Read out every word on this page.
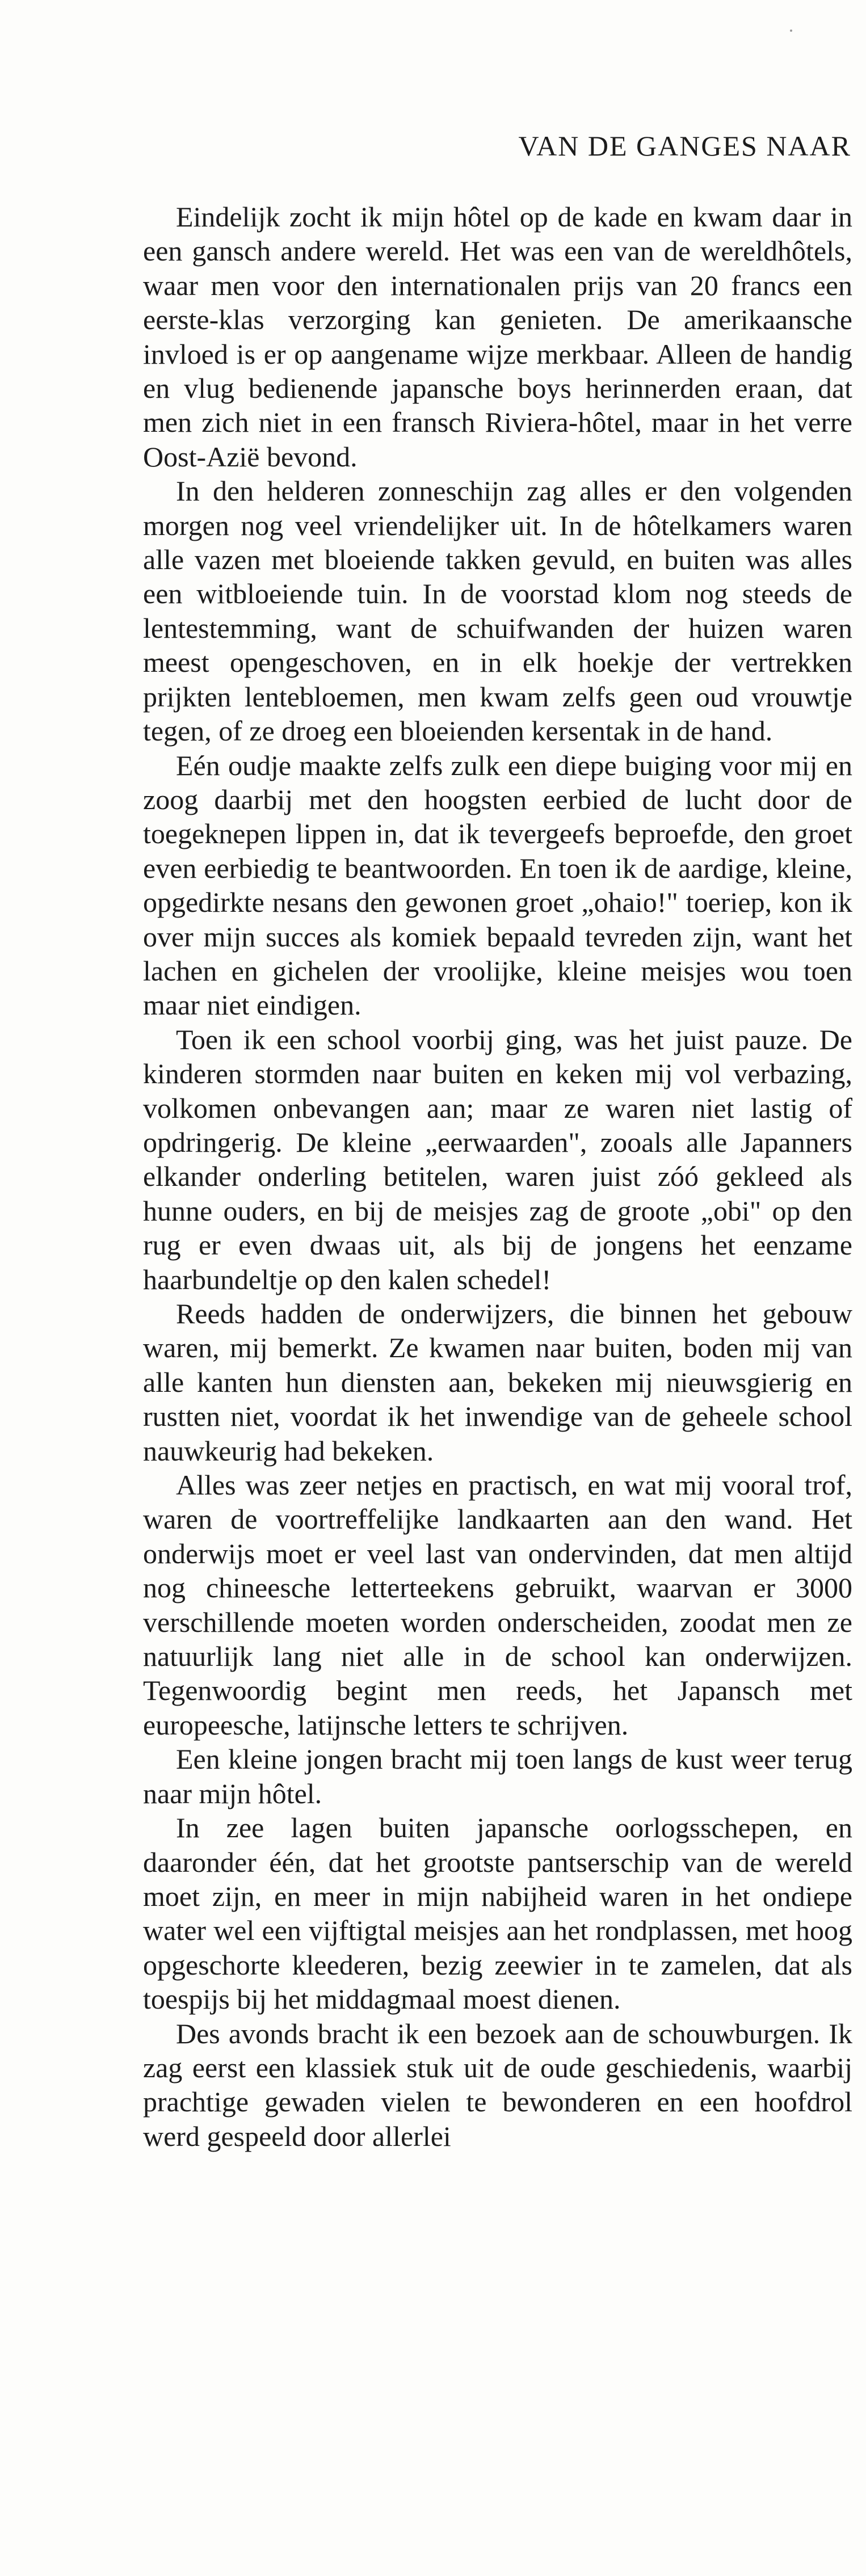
VAN DE GANGES NAAR

Eindelijk zocht ik mijn hôtel op de kade en kwam daar in een gansch andere wereld. Het was een van de wereldhôtels, waar men voor den internationalen prijs van 20 francs een eerste-klas verzorging kan genieten. De amerikaansche invloed is er op aangename wijze merkbaar. Alleen de handig en vlug bedienende japansche boys herinnerden eraan, dat men zich niet in een fransch Riviera-hôtel, maar in het verre Oost-Azië bevond.

In den helderen zonneschijn zag alles er den volgenden morgen nog veel vriendelijker uit. In de hôtelkamers waren alle vazen met bloeiende takken gevuld, en buiten was alles een witbloeiende tuin. In de voorstad klom nog steeds de lentestemming, want de schuifwanden der huizen waren meest opengeschoven, en in elk hoekje der vertrekken prijkten lentebloemen, men kwam zelfs geen oud vrouwtje tegen, of ze droeg een bloeienden kersentak in de hand.

Eén oudje maakte zelfs zulk een diepe buiging voor mij en zoog daarbij met den hoogsten eerbied de lucht door de toegeknepen lippen in, dat ik tevergeefs beproefde, den groet even eerbiedig te beantwoorden. En toen ik de aardige, kleine, opgedirkte nesans den gewonen groet „ohaio!" toeriep, kon ik over mijn succes als komiek bepaald tevreden zijn, want het lachen en gichelen der vroolijke, kleine meisjes wou toen maar niet eindigen.

Toen ik een school voorbij ging, was het juist pauze. De kinderen stormden naar buiten en keken mij vol verbazing, volkomen onbevangen aan; maar ze waren niet lastig of opdringerig. De kleine „eerwaarden", zooals alle Japanners elkander onderling betitelen, waren juist zóó gekleed als hunne ouders, en bij de meisjes zag de groote „obi" op den rug er even dwaas uit, als bij de jongens het eenzame haarbundeltje op den kalen schedel!

Reeds hadden de onderwijzers, die binnen het gebouw waren, mij bemerkt. Ze kwamen naar buiten, boden mij van alle kanten hun diensten aan, bekeken mij nieuwsgierig en rustten niet, voordat ik het inwendige van de geheele school nauwkeurig had bekeken.

Alles was zeer netjes en practisch, en wat mij vooral trof, waren de voortreffelijke landkaarten aan den wand. Het onderwijs moet er veel last van ondervinden, dat men altijd nog chineesche letterteekens gebruikt, waarvan er 3000 verschillende moeten worden onderscheiden, zoodat men ze natuurlijk lang niet alle in de school kan onderwijzen. Tegenwoordig begint men reeds, het Japansch met europeesche, latijnsche letters te schrijven.

Een kleine jongen bracht mij toen langs de kust weer terug naar mijn hôtel.

In zee lagen buiten japansche oorlogsschepen, en daaronder één, dat het grootste pantserschip van de wereld moet zijn, en meer in mijn nabijheid waren in het ondiepe water wel een vijftigtal meisjes aan het rondplassen, met hoog opgeschorte kleederen, bezig zeewier in te zamelen, dat als toespijs bij het middagmaal moest dienen.

Des avonds bracht ik een bezoek aan de schouwburgen. Ik zag eerst een klassiek stuk uit de oude geschiedenis, waarbij prachtige gewaden vielen te bewonderen en een hoofdrol werd gespeeld door allerlei
